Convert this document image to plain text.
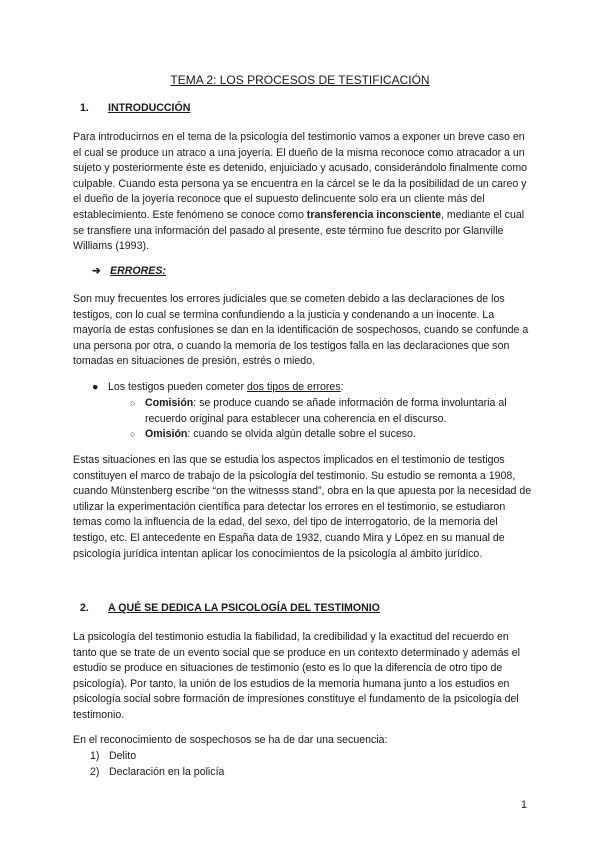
TEMA 2: LOS PROCESOS DE TESTIFICACIÓN
1. INTRODUCCIÓN
Para introducirnos en el tema de la psicología del testimonio vamos a exponer un breve caso en el cual se produce un atraco a una joyería. El dueño de la misma reconoce como atracador a un sujeto y posteriormente éste es detenido, enjuiciado y acusado, considerándolo finalmente como culpable. Cuando esta persona ya se encuentra en la cárcel se le da la posibilidad de un careo y el dueño de la joyería reconoce que el supuesto delincuente solo era un cliente más del establecimiento. Este fenómeno se conoce como transferencia inconsciente, mediante el cual se transfiere una información del pasado al presente, este término fue descrito por Glanville Williams (1993).
➔ ERRORES:
Son muy frecuentes los errores judiciales que se cometen debido a las declaraciones de los testigos, con lo cual se termina confundiendo a la justicia y condenando a un inocente. La mayoría de estas confusiones se dan en la identificación de sospechosos, cuando se confunde a una persona por otra, o cuando la memoria de los testigos falla en las declaraciones que son tomadas en situaciones de presión, estrés o miedo.
● Los testigos pueden cometer dos tipos de errores:
○ Comisión: se produce cuando se añade información de forma involuntaria al recuerdo original para establecer una coherencia en el discurso.
○ Omisión: cuando se olvida algún detalle sobre el suceso.
Estas situaciones en las que se estudia los aspectos implicados en el testimonio de testigos constituyen el marco de trabajo de la psicología del testimonio. Su estudio se remonta a 1908, cuando Münstenberg escribe “on the witnesss stand”, obra en la que apuesta por la necesidad de utilizar la experimentación científica para detectar los errores en el testimonio, se estudiaron temas como la influencia de la edad, del sexo, del tipo de interrogatorio, de la memoria del testigo, etc. El antecedente en España data de 1932, cuando Mira y López en su manual de psicología jurídica intentan aplicar los conocimientos de la psicología al ámbito jurídico.
2. A QUÉ SE DEDICA LA PSICOLOGÍA DEL TESTIMONIO
La psicología del testimonio estudia la fiabilidad, la credibilidad y la exactitud del recuerdo en tanto que se trate de un evento social que se produce en un contexto determinado y además el estudio se produce en situaciones de testimonio (esto es lo que la diferencia de otro tipo de psicología). Por tanto, la unión de los estudios de la memoria humana junto a los estudios en psicología social sobre formación de impresiones constituye el fundamento de la psicología del testimonio.
En el reconocimiento de sospechosos se ha de dar una secuencia:
1) Delito
2) Declaración en la policía
1
